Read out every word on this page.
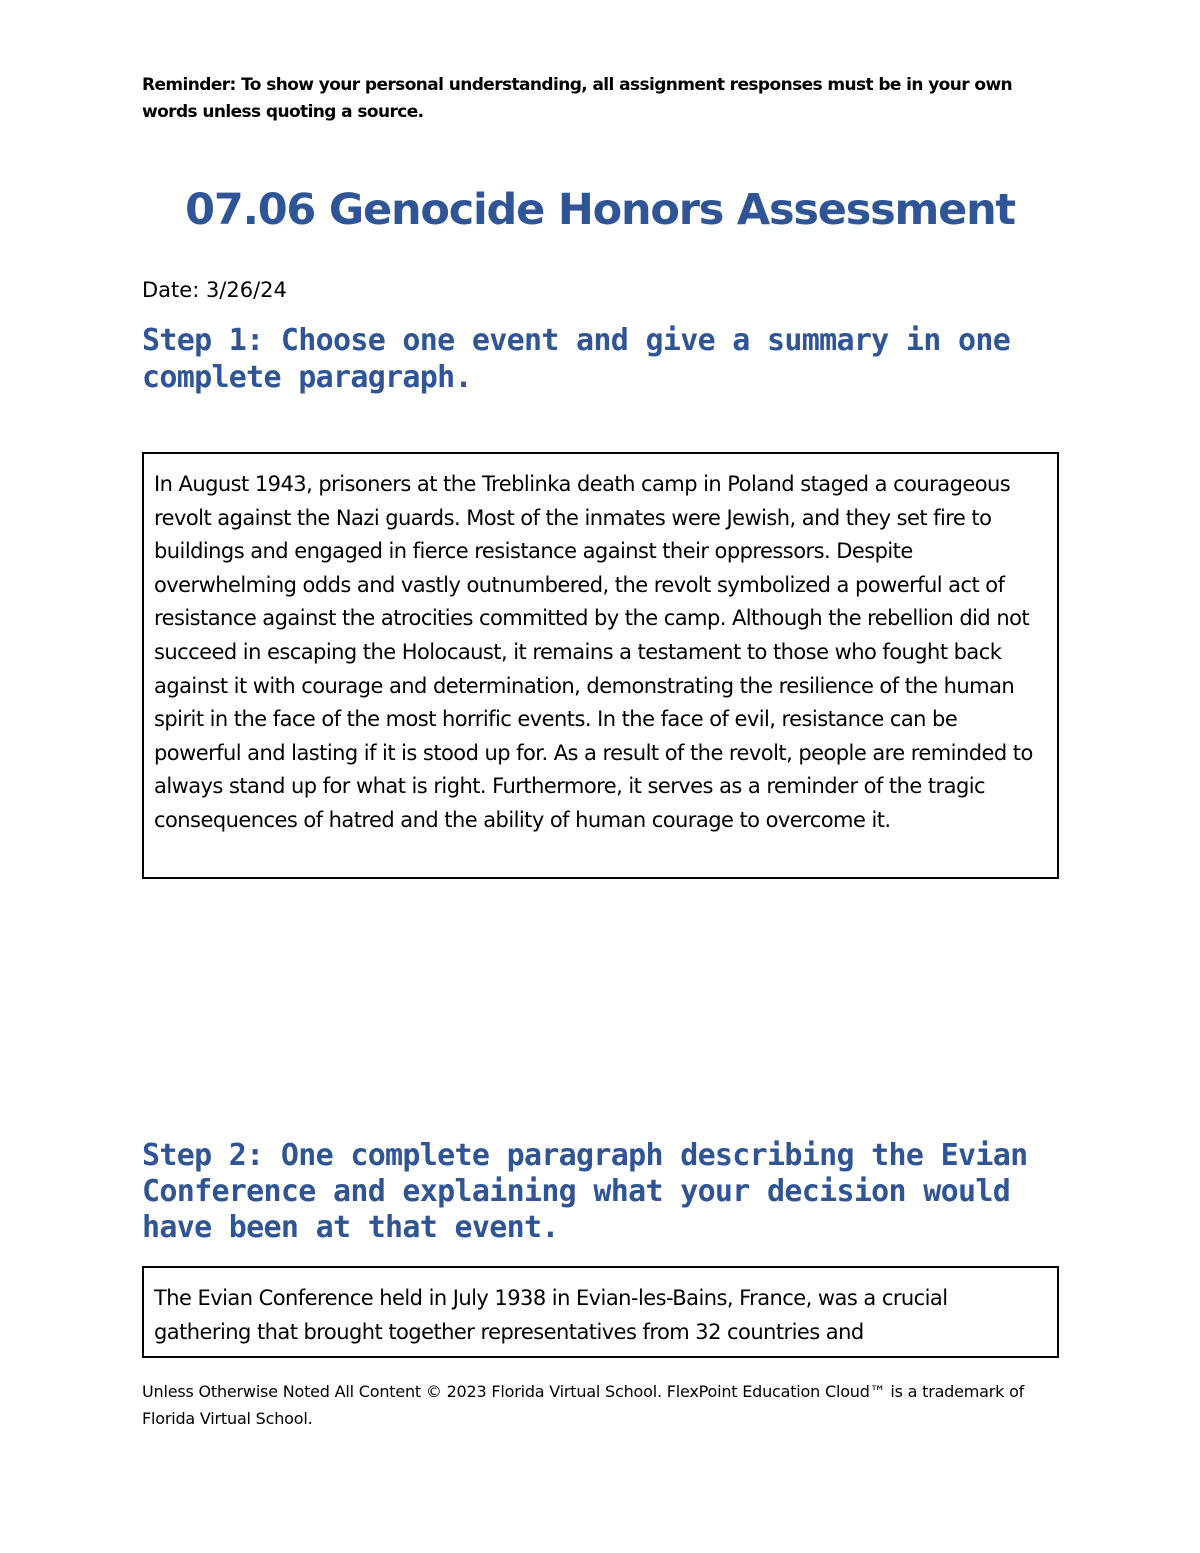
Reminder: To show your personal understanding, all assignment responses must be in your own words unless quoting a source.

07.06 Genocide Honors Assessment

Date: 3/26/24

Step 1: Choose one event and give a summary in one complete paragraph.
In August 1943, prisoners at the Treblinka death camp in Poland staged a courageous revolt against the Nazi guards. Most of the inmates were Jewish, and they set fire to buildings and engaged in fierce resistance against their oppressors. Despite overwhelming odds and vastly outnumbered, the revolt symbolized a powerful act of resistance against the atrocities committed by the camp. Although the rebellion did not succeed in escaping the Holocaust, it remains a testament to those who fought back against it with courage and determination, demonstrating the resilience of the human spirit in the face of the most horrific events. In the face of evil, resistance can be powerful and lasting if it is stood up for. As a result of the revolt, people are reminded to always stand up for what is right. Furthermore, it serves as a reminder of the tragic consequences of hatred and the ability of human courage to overcome it.
Step 2: One complete paragraph describing the Evian Conference and explaining what your decision would have been at that event.
The Evian Conference held in July 1938 in Evian-les-Bains, France, was a crucial gathering that brought together representatives from 32 countries and

Unless Otherwise Noted All Content © 2023 Florida Virtual School. FlexPoint Education Cloud™ is a trademark of Florida Virtual School.
